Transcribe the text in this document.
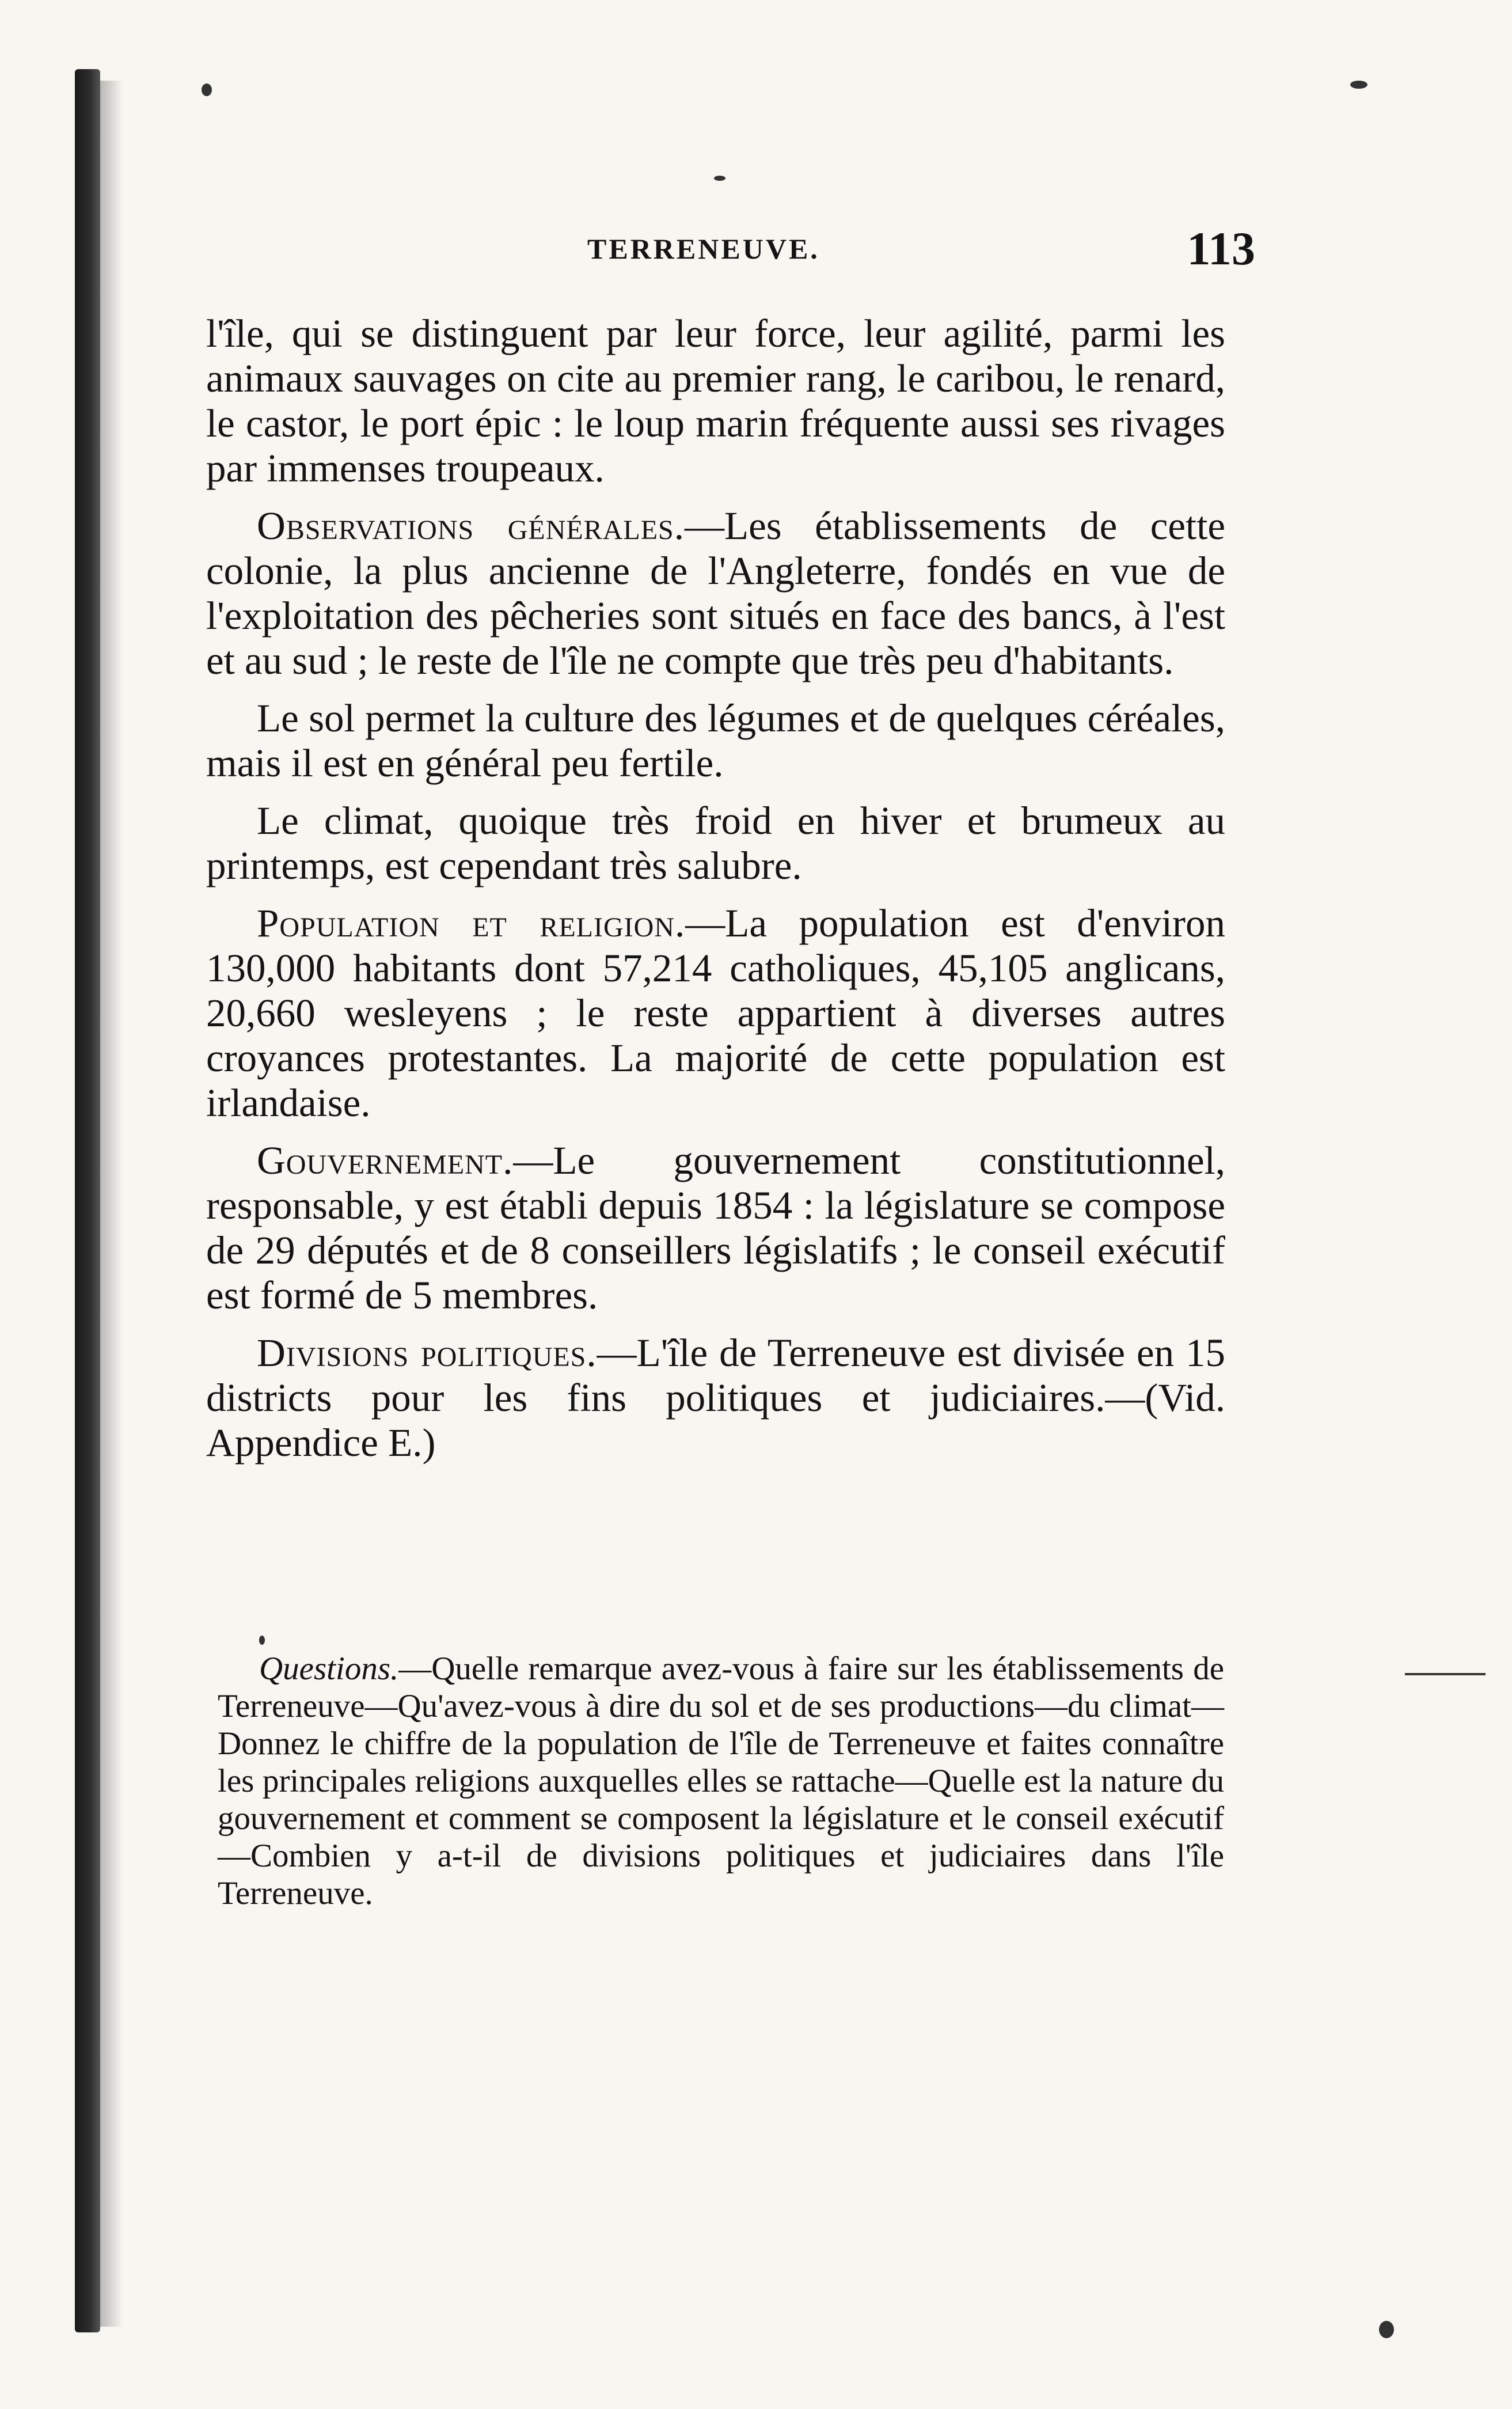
TERRENEUVE.	113

l'île, qui se distinguent par leur force, leur agilité, parmi les animaux sauvages on cite au premier rang, le caribou, le renard, le castor, le port épic : le loup marin fréquente aussi ses rivages par immenses troupeaux.

Observations générales.—Les établissements de cette colonie, la plus ancienne de l'Angleterre, fondés en vue de l'exploitation des pêcheries sont situés en face des bancs, à l'est et au sud ; le reste de l'île ne compte que très peu d'habitants.

Le sol permet la culture des légumes et de quelques céréales, mais il est en général peu fertile.

Le climat, quoique très froid en hiver et brumeux au printemps, est cependant très salubre.

Population et religion.—La population est d'environ 130,000 habitants dont 57,214 catholiques, 45,105 anglicans, 20,660 wesleyens ; le reste appartient à diverses autres croyances protestantes. La majorité de cette population est irlandaise.

Gouvernement.—Le gouvernement constitutionnel, responsable, y est établi depuis 1854 : la législature se compose de 29 députés et de 8 conseillers législatifs ; le conseil exécutif est formé de 5 membres.

Divisions politiques.—L'île de Terreneuve est divisée en 15 districts pour les fins politiques et judiciaires.—(Vid. Appendice E.)

Questions.—Quelle remarque avez-vous à faire sur les établissements de Terreneuve—Qu'avez-vous à dire du sol et de ses productions—du climat—Donnez le chiffre de la population de l'île de Terreneuve et faites connaître les principales religions auxquelles elles se rattache—Quelle est la nature du gouvernement et comment se composent la législature et le conseil exécutif—Combien y a-t-il de divisions politiques et judiciaires dans l'île Terreneuve.
